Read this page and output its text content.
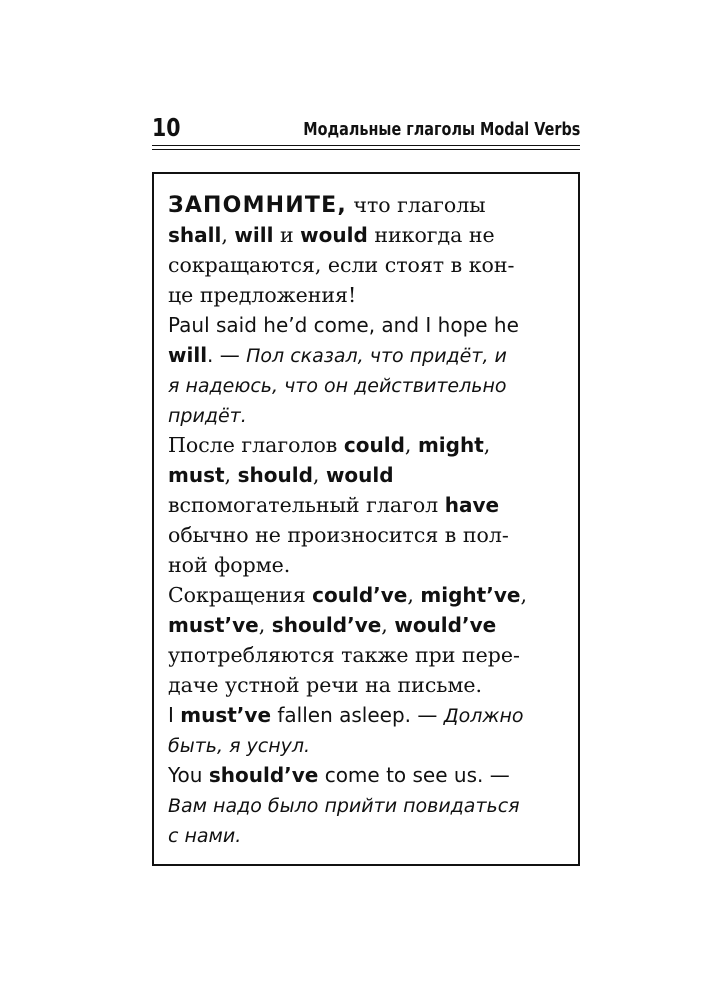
10	Модальные глаголы Modal Verbs
ЗАПОМНИТЕ, что глаголы
shall, will и would никогда не
сокращаются, если стоят в кон-
це предложения!
Paul said he’d come, and I hope he
will. — Пол сказал, что придёт, и
я надеюсь, что он действительно
придёт.
После глаголов could, might,
must, should, would
вспомогательный глагол have
обычно не произносится в пол-
ной форме.
Сокращения could’ve, might’ve,
must’ve, should’ve, would’ve
употребляются также при пере-
даче устной речи на письме.
I must’ve fallen asleep. — Должно
быть, я уснул.
You should’ve come to see us. —
Вам надо было прийти повидаться
с нами.
